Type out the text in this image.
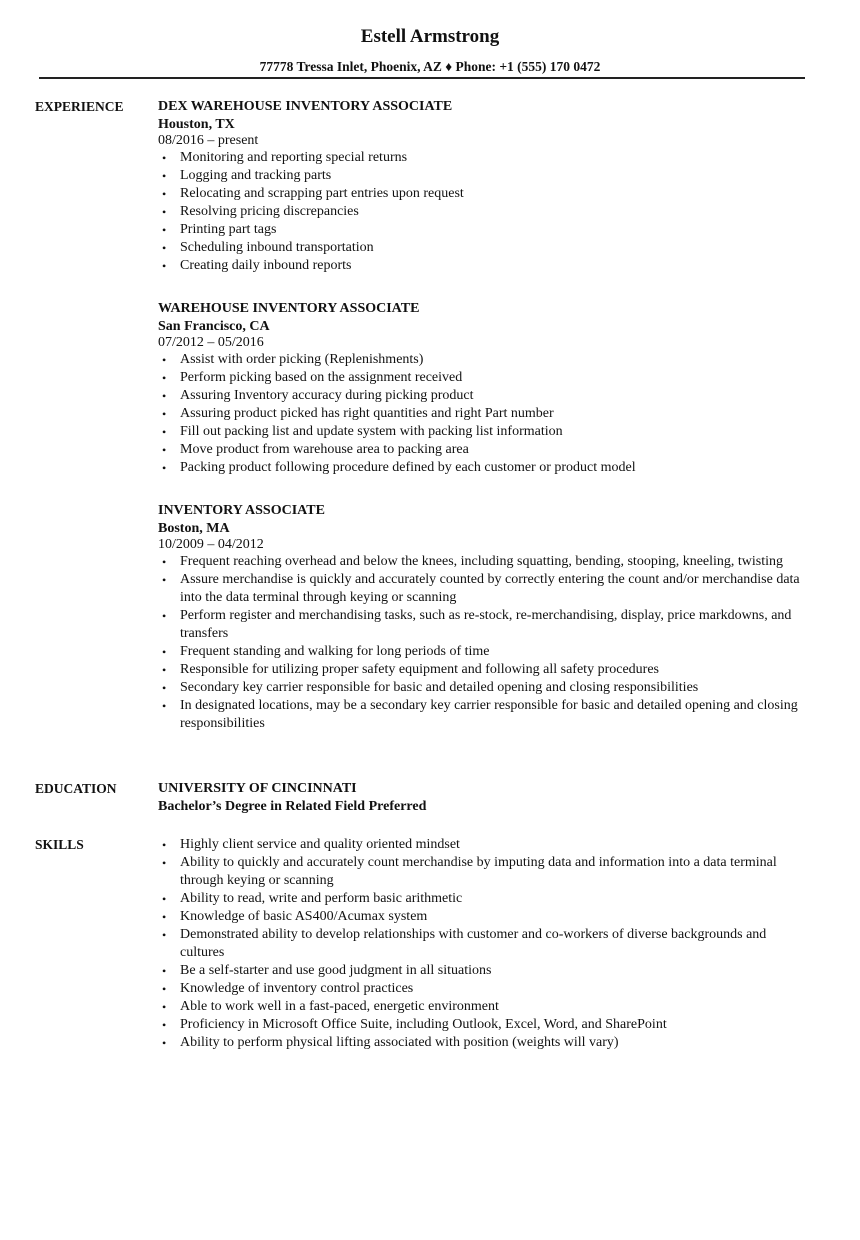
Estell Armstrong
77778 Tressa Inlet, Phoenix, AZ ♦ Phone: +1 (555) 170 0472
EXPERIENCE DEX WAREHOUSE INVENTORY ASSOCIATE
Houston, TX
08/2016 – present
• Monitoring and reporting special returns
• Logging and tracking parts
• Relocating and scrapping part entries upon request
• Resolving pricing discrepancies
• Printing part tags
• Scheduling inbound transportation
• Creating daily inbound reports
WAREHOUSE INVENTORY ASSOCIATE
San Francisco, CA
07/2012 – 05/2016
• Assist with order picking (Replenishments)
• Perform picking based on the assignment received
• Assuring Inventory accuracy during picking product
• Assuring product picked has right quantities and right Part number
• Fill out packing list and update system with packing list information
• Move product from warehouse area to packing area
• Packing product following procedure defined by each customer or product model
INVENTORY ASSOCIATE
Boston, MA
10/2009 – 04/2012
• Frequent reaching overhead and below the knees, including squatting, bending, stooping, kneeling, twisting
• Assure merchandise is quickly and accurately counted by correctly entering the count and/or merchandise data into the data terminal through keying or scanning
• Perform register and merchandising tasks, such as re-stock, re-merchandising, display, price markdowns, and transfers
• Frequent standing and walking for long periods of time
• Responsible for utilizing proper safety equipment and following all safety procedures
• Secondary key carrier responsible for basic and detailed opening and closing responsibilities
• In designated locations, may be a secondary key carrier responsible for basic and detailed opening and closing responsibilities
EDUCATION	UNIVERSITY OF CINCINNATI
Bachelor’s Degree in Related Field Preferred
SKILLS	• Highly client service and quality oriented mindset
• Ability to quickly and accurately count merchandise by imputing data and information into a data terminal through keying or scanning
• Ability to read, write and perform basic arithmetic
• Knowledge of basic AS400/Acumax system
• Demonstrated ability to develop relationships with customer and co-workers of diverse backgrounds and cultures
• Be a self-starter and use good judgment in all situations
• Knowledge of inventory control practices
• Able to work well in a fast-paced, energetic environment
• Proficiency in Microsoft Office Suite, including Outlook, Excel, Word, and SharePoint
• Ability to perform physical lifting associated with position (weights will vary)
